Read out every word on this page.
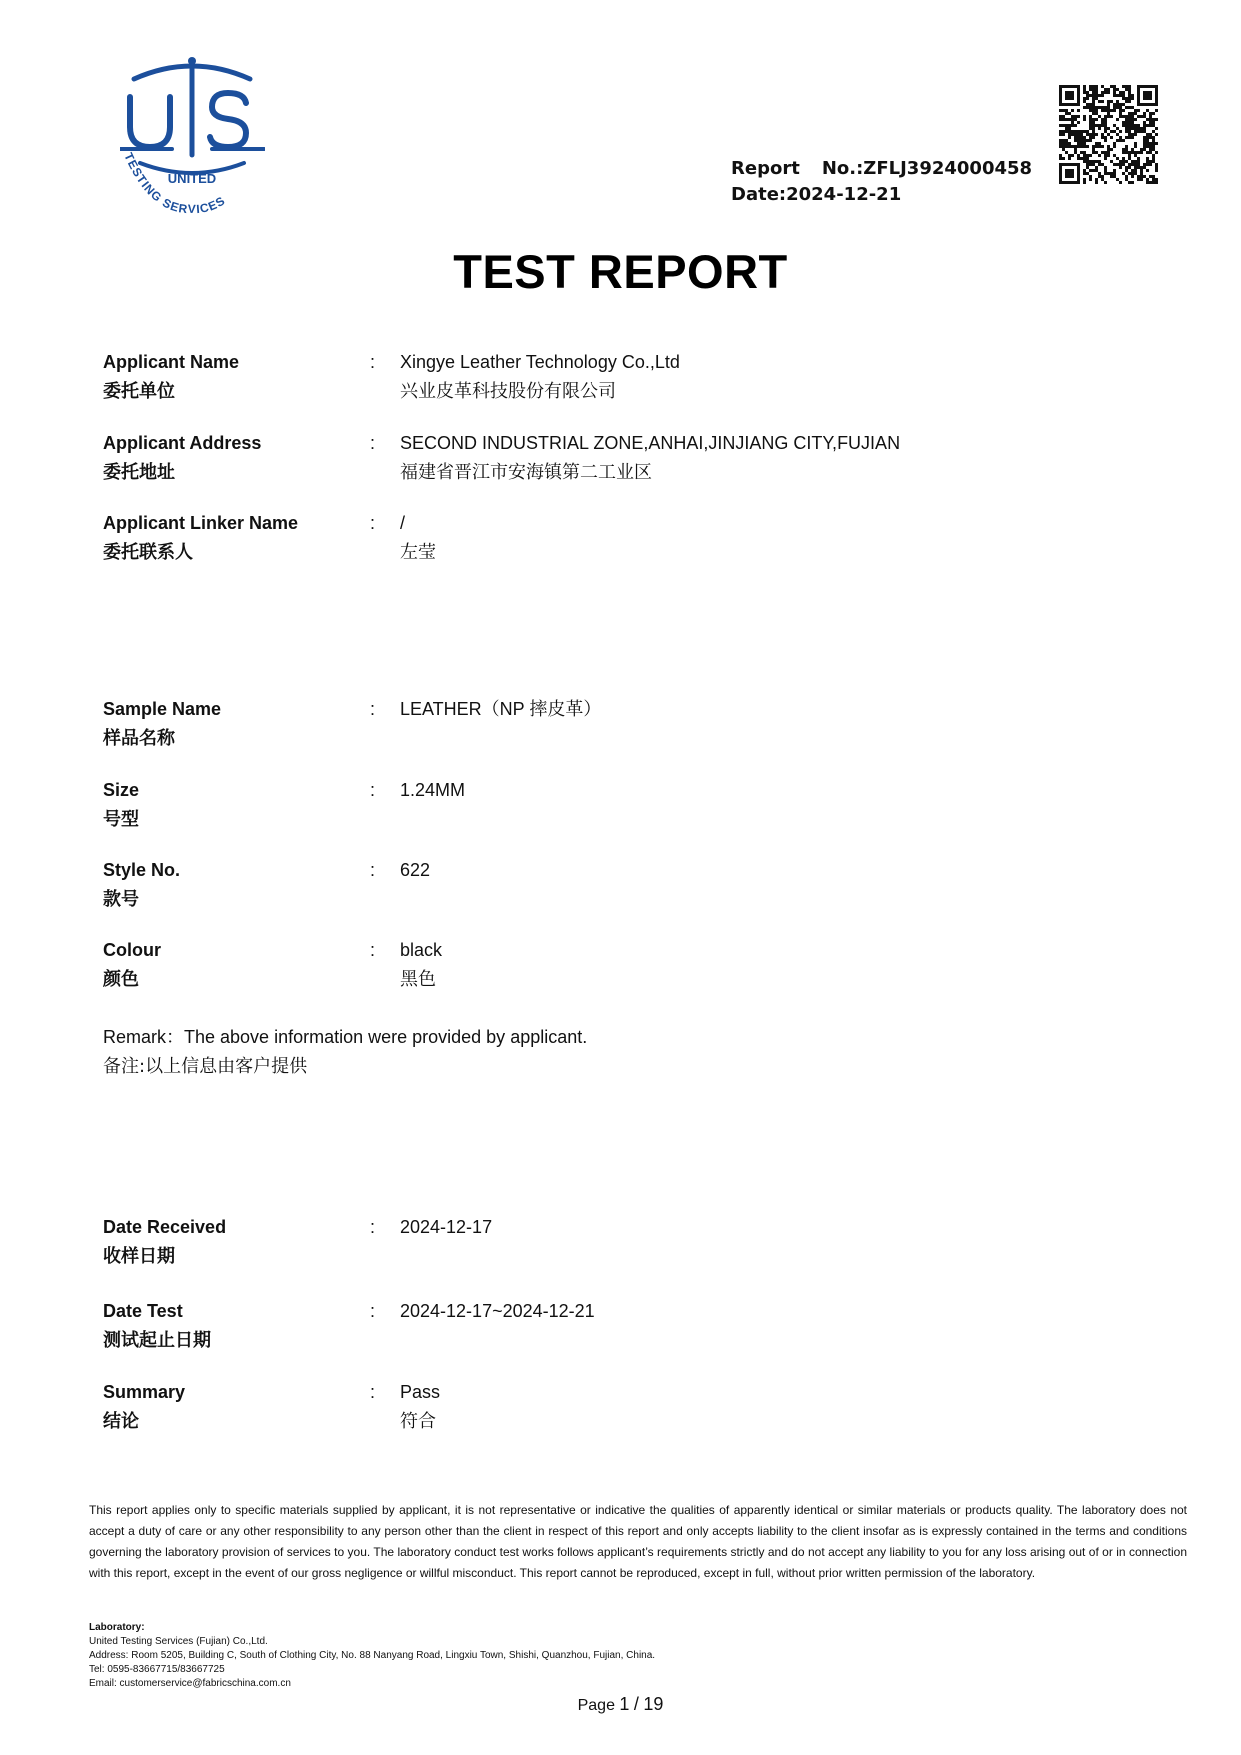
UNITED
TESTING SERVICES
Report No.:ZFLJ3924000458
Date:2024-12-21
TEST REPORT
Applicant Name
委托单位
: Xingye Leather Technology Co.,Ltd
兴业皮革科技股份有限公司
Applicant Address
委托地址
: SECOND INDUSTRIAL ZONE,ANHAI,JINJIANG CITY,FUJIAN
福建省晋江市安海镇第二工业区
Applicant Linker Name
委托联系人
: /
左莹
Sample Name
样品名称
: LEATHER（NP 摔皮革）
Size
号型
: 1.24MM
Style No.
款号
: 622
Colour
颜色
: black
黑色
Remark：The above information were provided by applicant.
备注:以上信息由客户提供
Date Received
收样日期
: 2024-12-17
Date Test
测试起止日期
: 2024-12-17~2024-12-21
Summary
结论
: Pass
符合
This report applies only to specific materials supplied by applicant, it is not representative or indicative the qualities of apparently identical or similar materials or products quality. The laboratory does not accept a duty of care or any other responsibility to any person other than the client in respect of this report and only accepts liability to the client insofar as is expressly contained in the terms and conditions governing the laboratory provision of services to you. The laboratory conduct test works follows applicant’s requirements strictly and do not accept any liability to you for any loss arising out of or in connection with this report, except in the event of our gross negligence or willful misconduct. This report cannot be reproduced, except in full, without prior written permission of the laboratory.
Laboratory:
United Testing Services (Fujian) Co.,Ltd.
Address: Room 5205, Building C, South of Clothing City, No. 88 Nanyang Road, Lingxiu Town, Shishi, Quanzhou, Fujian, China.
Tel: 0595-83667715/83667725
Email: customerservice@fabricschina.com.cn
Page 1 / 19
